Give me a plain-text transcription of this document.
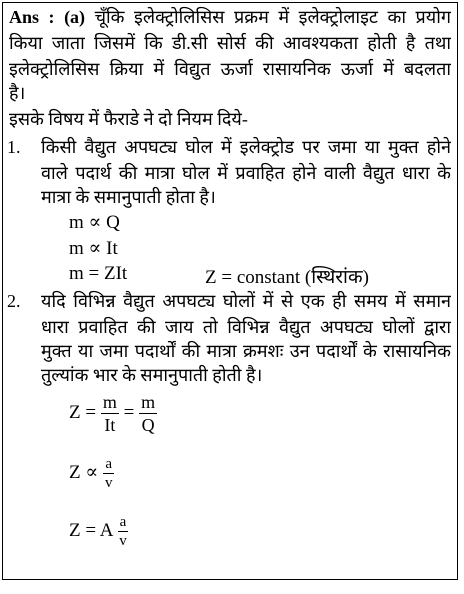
Ans : (a) चूँकि इलेक्ट्रोलिसिस प्रक्रम में इलेक्ट्रोलाइट का प्रयोग
किया जाता जिसमें कि डी.सी सोर्स की आवश्यकता होती है तथा
इलेक्ट्रोलिसिस क्रिया में विद्युत ऊर्जा रासायनिक ऊर्जा में बदलता
है।
इसके विषय में फैराडे ने दो नियम दिये-
1.	किसी वैद्युत अपघट्य घोल में इलेक्ट्रोड पर जमा या मुक्त होने
वाले पदार्थ की मात्रा घोल में प्रवाहित होने वाली वैद्युत धारा के
मात्रा के समानुपाती होता है।
m ∝ Q
m ∝ It
m = ZIt	Z = constant (स्थिरांक)
2.	यदि विभिन्न वैद्युत अपघट्य घोलों में से एक ही समय में समान
धारा प्रवाहित की जाय तो विभिन्न वैद्युत अपघट्य घोलों द्वारा
मुक्त या जमा पदार्थों की मात्रा क्रमशः उन पदार्थों के रासायनिक
तुल्यांक भार के समानुपाती होती है।
$Z = \frac{m}{It} = \frac{m}{Q}$
$Z \propto \frac{a}{v}$
Z = A $\frac{a}{v}$
